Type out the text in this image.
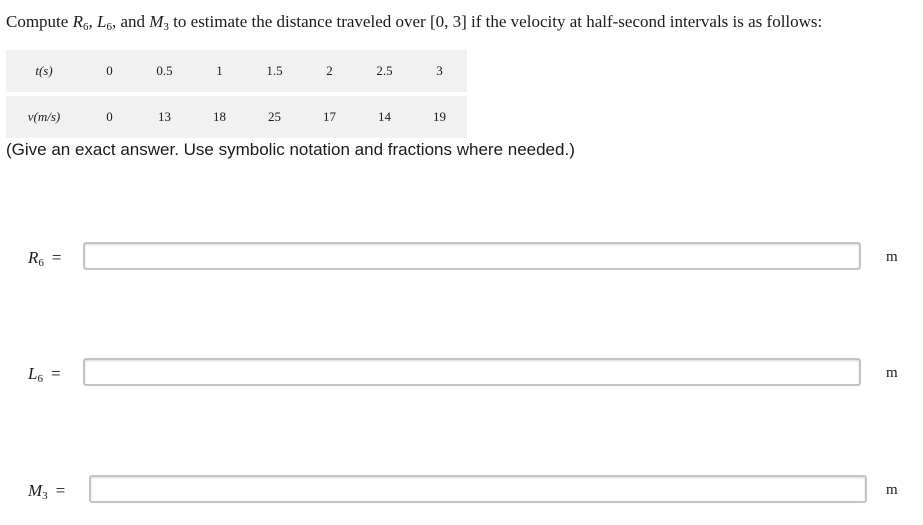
Compute $R_6$, $L_6$, and $M_3$ to estimate the distance traveled over [0, 3] if the velocity at half-second intervals is as follows:
t(s)	0	0.5	1	1.5	2	2.5	3
v(m/s)	0	13	18	25	17	14	19
(Give an exact answer. Use symbolic notation and fractions where needed.)
$R_6$ =	m
$L_6$ =	m
$M_3$ =	m
